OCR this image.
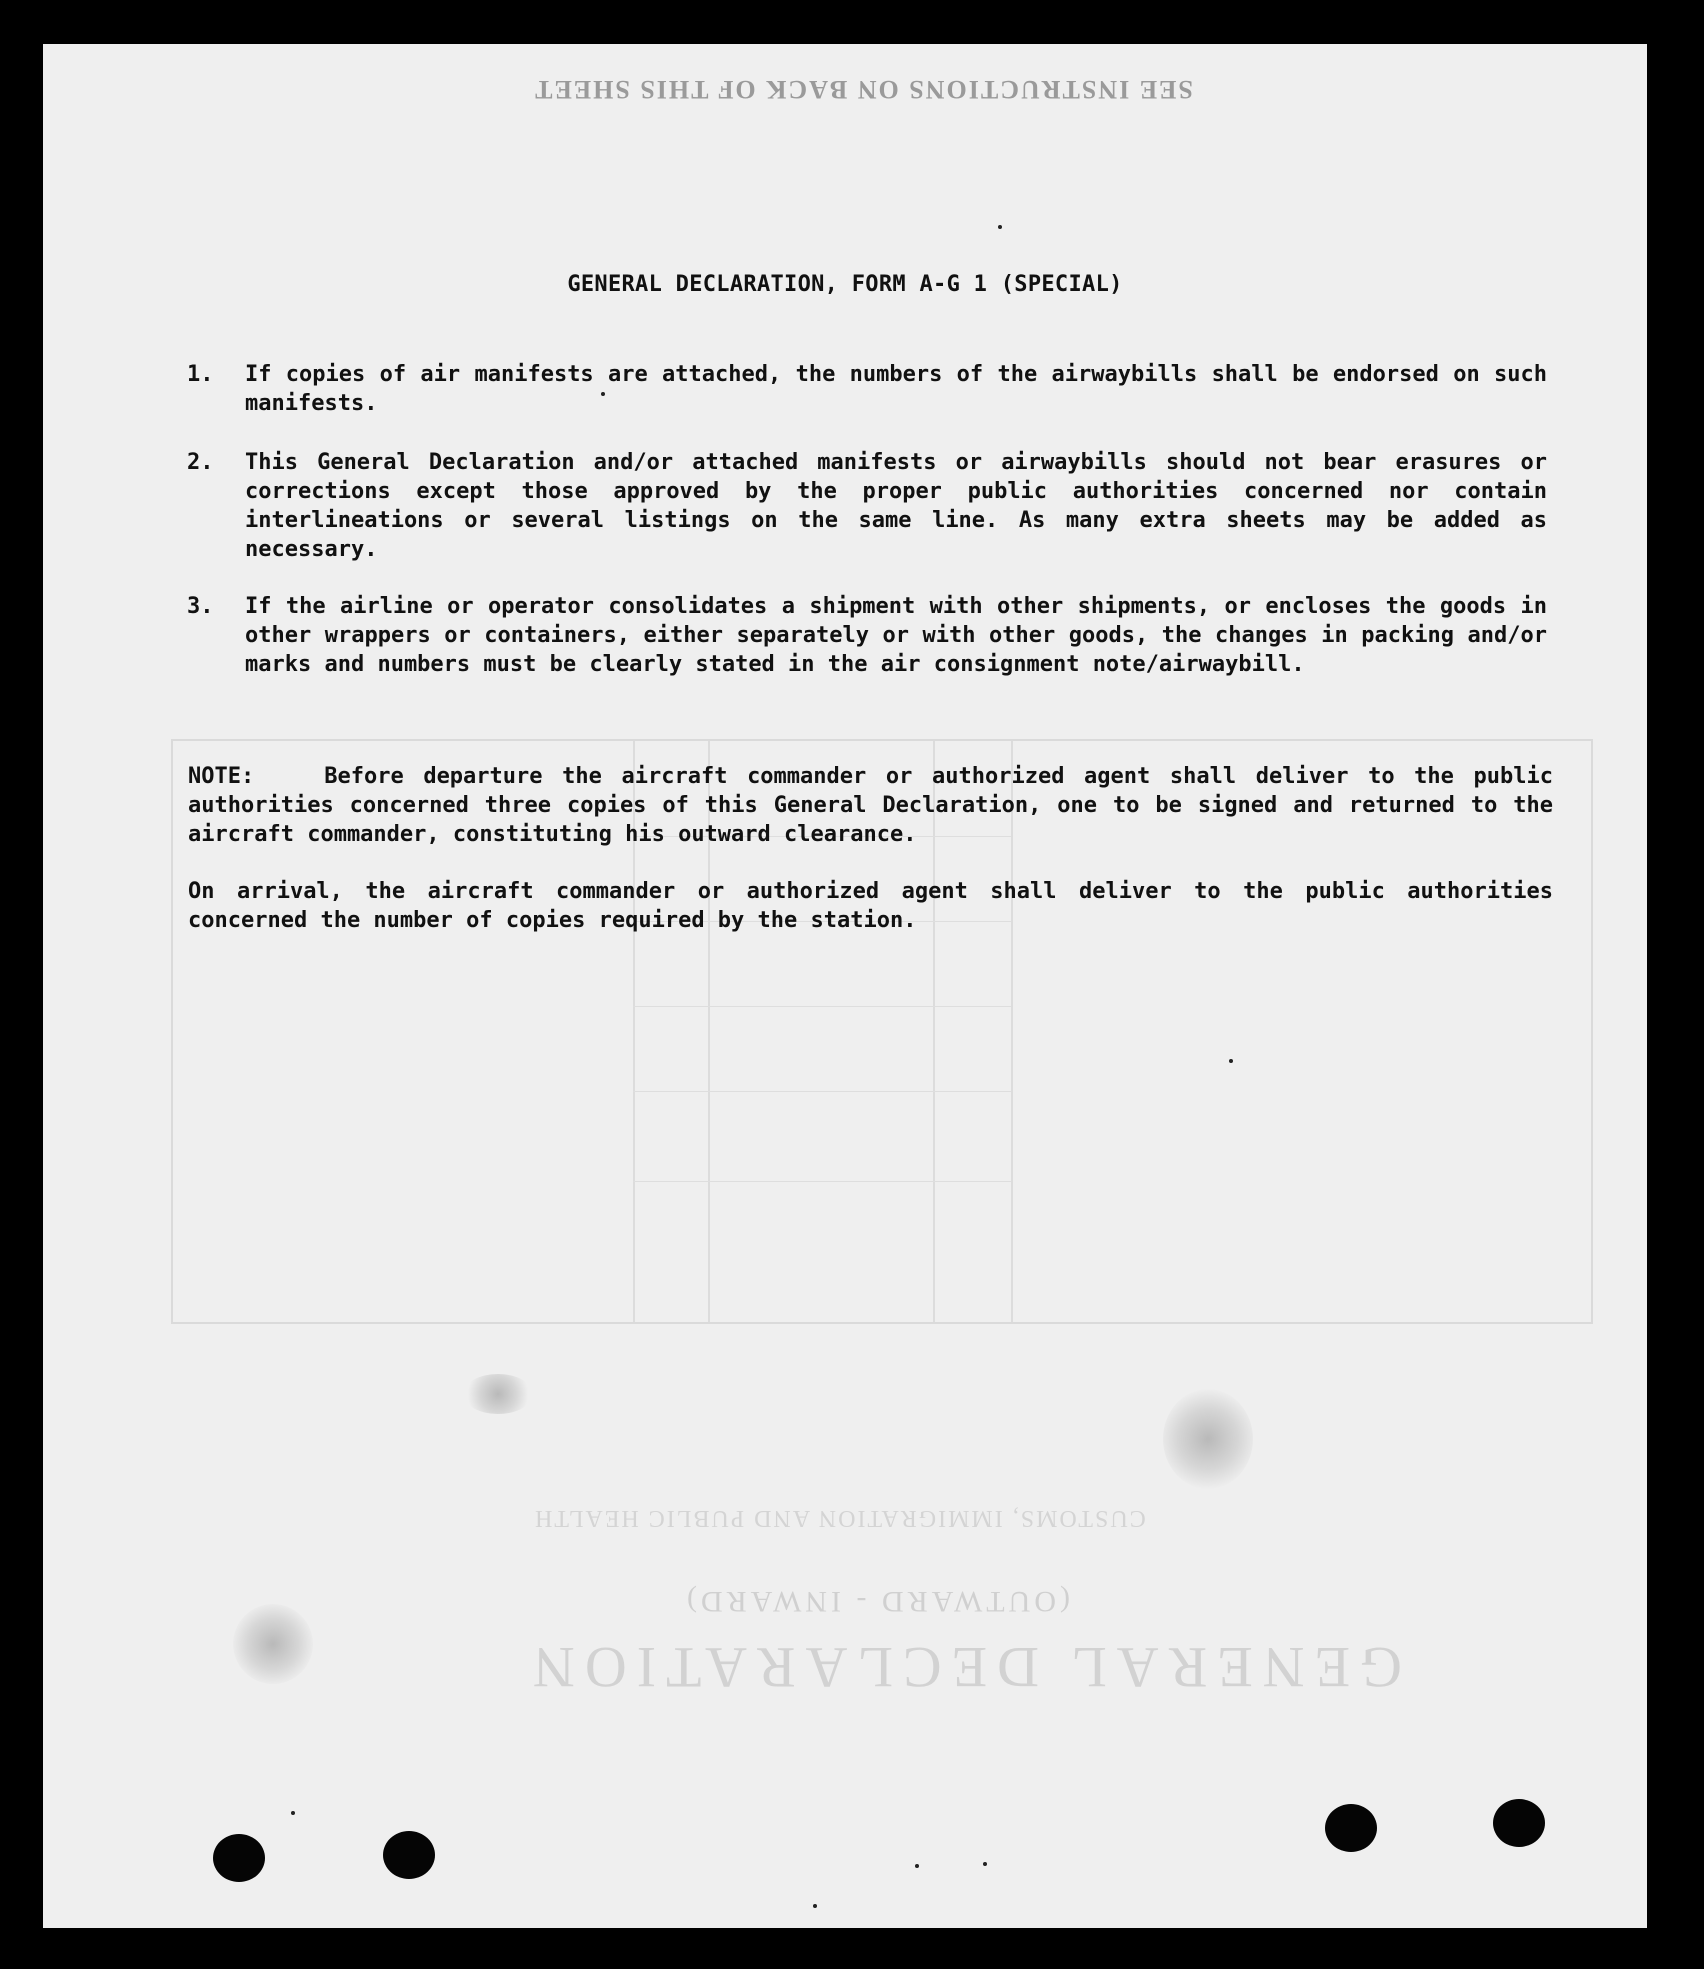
SEE INSTRUCTIONS ON BACK OF THIS SHEET
GENERAL DECLARATION
(OUTWARD - INWARD)
CUSTOMS, IMMIGRATION AND PUBLIC HEALTH
GENERAL DECLARATION, FORM A-G 1 (SPECIAL)
1. If copies of air manifests are attached, the numbers of the airwaybills shall be endorsed on such manifests.
2. This General Declaration and/or attached manifests or airwaybills should not bear erasures or corrections except those approved by the proper public authorities concerned nor contain interlineations or several listings on the same line. As many extra sheets may be added as necessary.
3. If the airline or operator consolidates a shipment with other shipments, or encloses the goods in other wrappers or containers, either separately or with other goods, the changes in packing and/or marks and numbers must be clearly stated in the air consignment note/airwaybill.

NOTE:	Before departure the aircraft commander or authorized agent shall deliver to the public authorities concerned three copies of this General Declaration, one to be signed and returned to the aircraft commander, constituting his outward clearance.

On arrival, the aircraft commander or authorized agent shall deliver to the public authorities concerned the number of copies required by the station.
